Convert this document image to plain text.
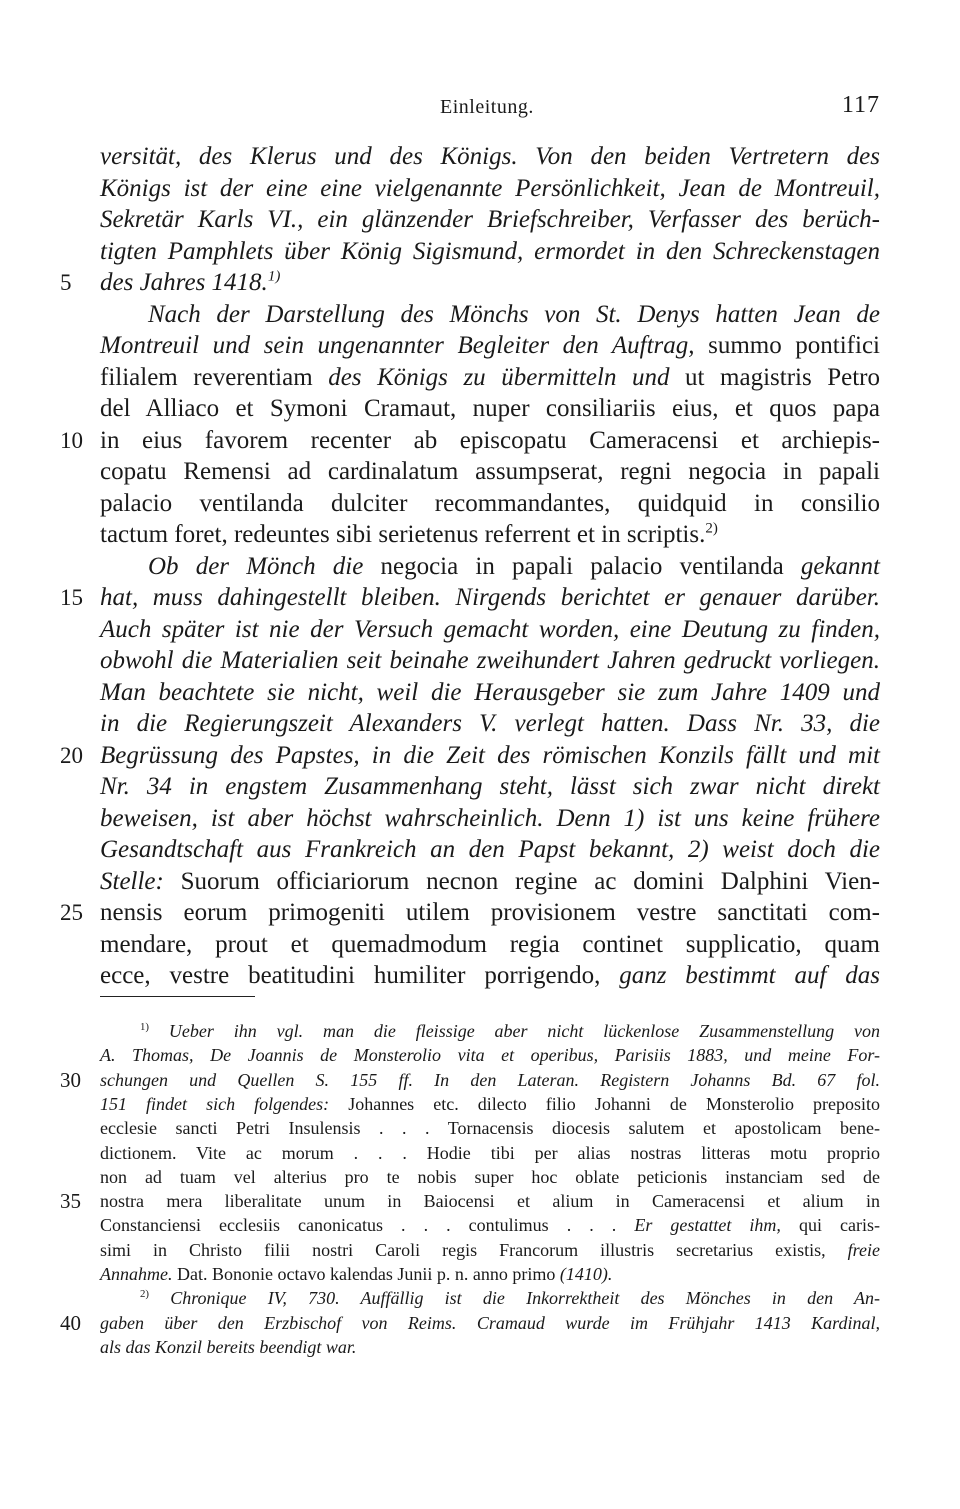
Einleitung.	117
versität, des Klerus und des Königs. Von den beiden Vertretern des
Königs ist der eine eine vielgenannte Persönlichkeit, Jean de Montreuil,
Sekretär Karls VI., ein glänzender Briefschreiber, Verfasser des berüch-
tigten Pamphlets über König Sigismund, ermordet in den Schreckenstagen
des Jahres 1418.$^{1)}$
5
Nach der Darstellung des Mönchs von St. Denys hatten Jean de
Montreuil und sein ungenannter Begleiter den Auftrag, summo pontifici
filialem reverentiam des Königs zu übermitteln und ut magistris Petro
del Alliaco et Symoni Cramaut, nuper consiliariis eius, et quos papa
in eius favorem recenter ab episcopatu Cameracensi et archiepis-
10
copatu Remensi ad cardinalatum assumpserat, regni negocia in papali
palacio ventilanda dulciter recommandantes, quidquid in consilio
tactum foret, redeuntes sibi serietenus referrent et in scriptis.$^{2)}$
Ob der Mönch die negocia in papali palacio ventilanda gekannt
hat, muss dahingestellt bleiben. Nirgends berichtet er genauer darüber.
15
Auch später ist nie der Versuch gemacht worden, eine Deutung zu finden,
obwohl die Materialien seit beinahe zweihundert Jahren gedruckt vorliegen.
Man beachtete sie nicht, weil die Herausgeber sie zum Jahre 1409 und
in die Regierungszeit Alexanders V. verlegt hatten. Dass Nr. 33, die
Begrüssung des Papstes, in die Zeit des römischen Konzils fällt und mit
20
Nr. 34 in engstem Zusammenhang steht, lässt sich zwar nicht direkt
beweisen, ist aber höchst wahrscheinlich. Denn 1) ist uns keine frühere
Gesandtschaft aus Frankreich an den Papst bekannt, 2) weist doch die
Stelle: Suorum officiariorum necnon regine ac domini Dalphini Vien-
nensis eorum primogeniti utilem provisionem vestre sanctitati com-
25
mendare, prout et quemadmodum regia continet supplicatio, quam
ecce, vestre beatitudini humiliter porrigendo, ganz bestimmt auf das
$^{1)}$ Ueber ihn vgl. man die fleissige aber nicht lückenlose Zusammenstellung von
A. Thomas, De Joannis de Monsterolio vita et operibus, Parisiis 1883, und meine For-
schungen und Quellen S. 155 ff. In den Lateran. Registern Johanns Bd. 67 fol.
30
151 findet sich folgendes: Johannes etc. dilecto filio Johanni de Monsterolio preposito
ecclesie sancti Petri Insulensis . . . Tornacensis diocesis salutem et apostolicam bene-
dictionem. Vite ac morum . . . Hodie tibi per alias nostras litteras motu proprio
non ad tuam vel alterius pro te nobis super hoc oblate peticionis instanciam sed de
nostra mera liberalitate unum in Baiocensi et alium in Cameracensi et alium in
35
Constanciensi ecclesiis canonicatus . . . contulimus . . . Er gestattet ihm, qui caris-
simi in Christo filii nostri Caroli regis Francorum illustris secretarius existis, freie
Annahme. Dat. Bononie octavo kalendas Junii p. n. anno primo (1410).
$^{2)}$ Chronique IV, 730. Auffällig ist die Inkorrektheit des Mönches in den An-
gaben über den Erzbischof von Reims. Cramaud wurde im Frühjahr 1413 Kardinal,
40
als das Konzil bereits beendigt war.
